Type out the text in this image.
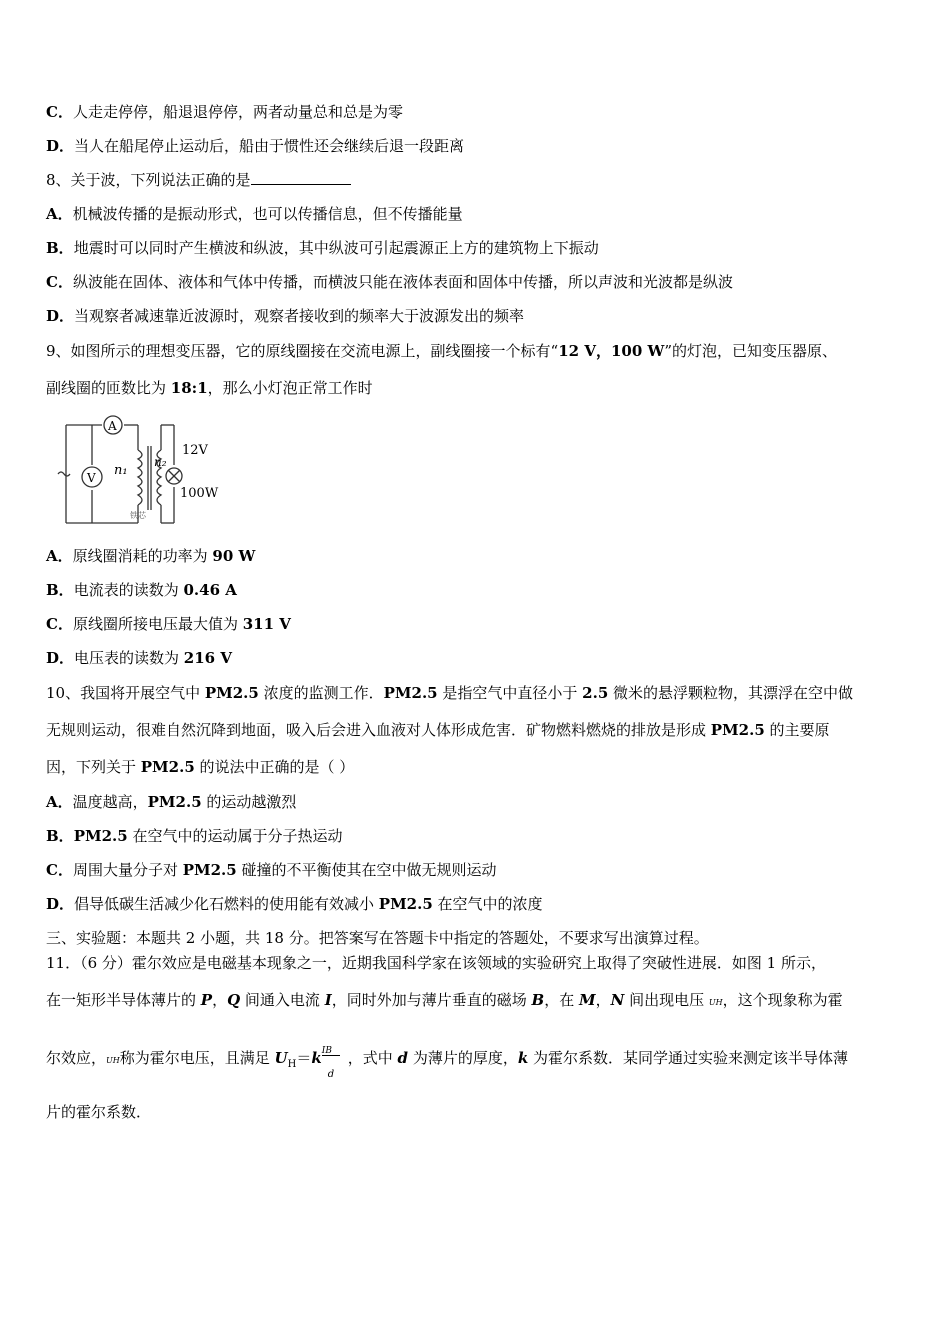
C．人走走停停，船退退停停，两者动量总和总是为零
D．当人在船尾停止运动后，船由于惯性还会继续后退一段距离
8、关于波，下列说法正确的是
A．机械波传播的是振动形式，也可以传播信息，但不传播能量
B．地震时可以同时产生横波和纵波，其中纵波可引起震源正上方的建筑物上下振动
C．纵波能在固体、液体和气体中传播，而横波只能在液体表面和固体中传播，所以声波和光波都是纵波
D．当观察者减速靠近波源时，观察者接收到的频率大于波源发出的频率
9、如图所示的理想变压器，它的原线圈接在交流电源上，副线圈接一个标有“12 V，100 W”的灯泡，已知变压器原、
副线圈的匝数比为 18:1，那么小灯泡正常工作时
A
V n₁
n₂
12V
100W
铁芯
A．原线圈消耗的功率为 90 W
B．电流表的读数为 0.46 A
C．原线圈所接电压最大值为 311 V
D．电压表的读数为 216 V
10、我国将开展空气中 PM2.5 浓度的监测工作．PM2.5 是指空气中直径小于 2.5 微米的悬浮颗粒物，其漂浮在空中做
无规则运动，很难自然沉降到地面，吸入后会进入血液对人体形成危害．矿物燃料燃烧的排放是形成 PM2.5 的主要原
因，下列关于 PM2.5 的说法中正确的是（ ）
A．温度越高，PM2.5 的运动越激烈
B．PM2.5 在空气中的运动属于分子热运动
C．周围大量分子对 PM2.5 碰撞的不平衡使其在空中做无规则运动
D．倡导低碳生活减少化石燃料的使用能有效减小 PM2.5 在空气中的浓度
三、实验题：本题共 2 小题，共 18 分。把答案写在答题卡中指定的答题处，不要求写出演算过程。
11．（6 分）霍尔效应是电磁基本现象之一，近期我国科学家在该领域的实验研究上取得了突破性进展．如图 1 所示，
在一矩形半导体薄片的 P，Q 间通入电流 I，同时外加与薄片垂直的磁场 B，在 M，N 间出现电压 UH，这个现象称为霍
尔效应，UH称为霍尔电压，且满足 $U_H=k \frac{IB}{d}$ ，式中 d 为薄片的厚度，k 为霍尔系数．某同学通过实验来测定该半导体薄
片的霍尔系数．
